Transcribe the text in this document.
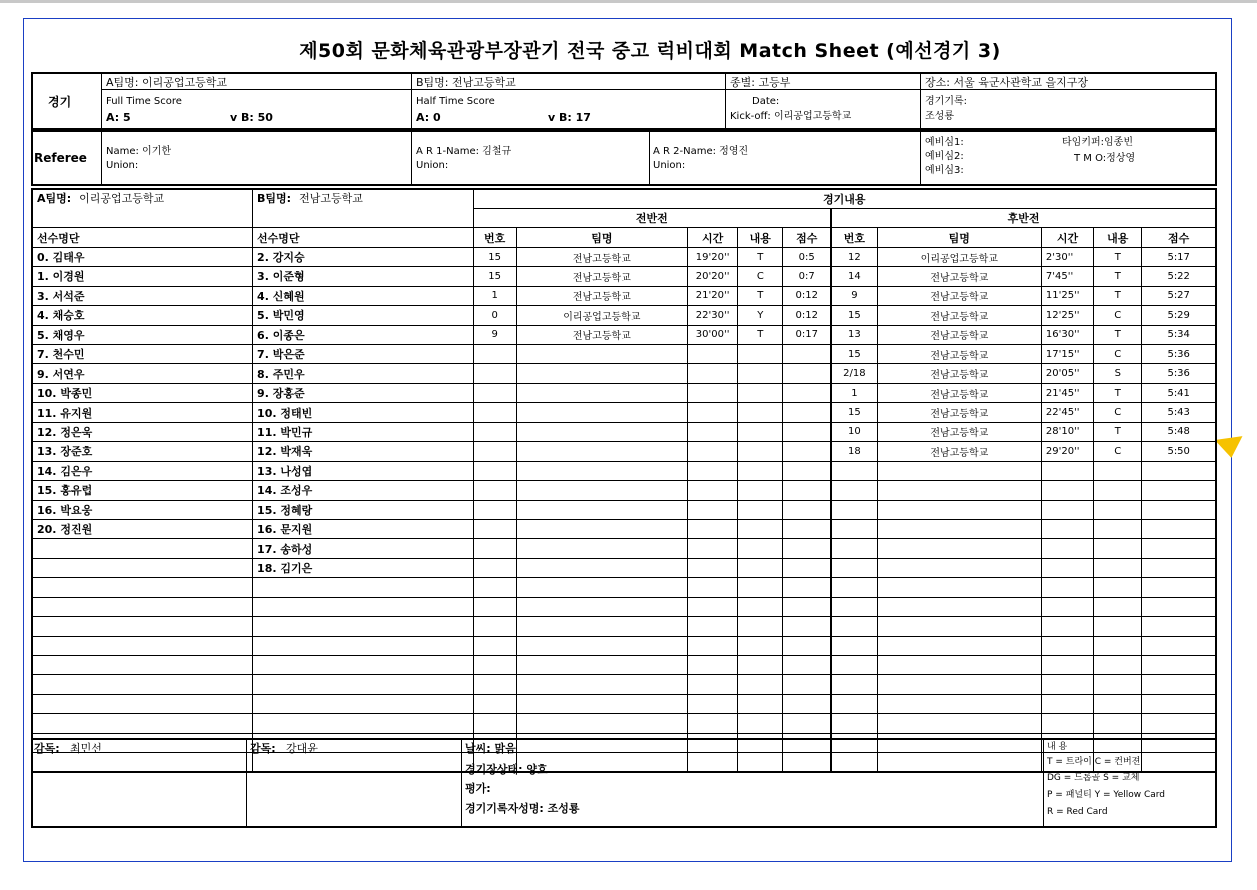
제50회 문화체육관광부장관기 전국 중고 럭비대회 Match Sheet (예선경기 3)
경기
A팀명: 이리공업고등학교	B팀명: 전남고등학교	종별: 고등부	장소: 서울 육군사관학교 을지구장
Full Time Score
A: 5	v B: 50
Half Time Score
A: 0	v B: 17
Date:
Kick-off: 이리공업고등학교
경기기록:
조성룡
Referee Name: 이기한
Union:
A R 1-Name: 김철규
Union:
A R 2-Name: 정영진
Union:
예비심1:
예비심2:
예비심3:
타임키퍼:임종빈
T M O:정상영
A팀명: 이리공업고등학교	B팀명: 전남고등학교	경기내용									
		전반전					후반전				
선수명단	선수명단	번호	팀명	시간	내용	점수	번호	팀명	시간	내용	점수
0. 김태우	2. 강지승	15	전남고등학교	19'20''	T	0:5	12	이리공업고등학교	2'30''	T	5:17
1. 이경원	3. 이준형	15	전남고등학교	20'20''	C	0:7	14	전남고등학교	7'45''	T	5:22
3. 서석준	4. 신혜원	1	전남고등학교	21'20''	T	0:12	9	전남고등학교	11'25''	T	5:27
4. 채승호	5. 박민영	0	이리공업고등학교	22'30''	Y	0:12	15	전남고등학교	12'25''	C	5:29
5. 채영우	6. 이종은	9	전남고등학교	30'00''	T	0:17	13	전남고등학교	16'30''	T	5:34
7. 천수민	7. 박은준						15	전남고등학교	17'15''	C	5:36
9. 서연우	8. 주민우						2/18	전남고등학교	20'05''	S	5:36
10. 박종민	9. 장홍준						1	전남고등학교	21'45''	T	5:41
11. 유지원	10. 정태빈						15	전남고등학교	22'45''	C	5:43
12. 정은욱	11. 박민규						10	전남고등학교	28'10''	T	5:48
13. 장준호	12. 박재욱						18	전남고등학교	29'20''	C	5:50
14. 김은우	13. 나성엽										
15. 홍유럽	14. 조성우										
16. 박요웅	15. 정혜랑										
20. 정진원	16. 문지원										
	17. 송하성										
	18. 김기은										

감독: 최민선	감독: 강대윤	날씨: 맑음
경기장상태: 양호
평가:
경기기록자성명: 조성룡
내 용
T = 트라이 C = 컨버젼
DG = 드롭골 S = 교체
P = 패널티 Y = Yellow Card
R = Red Card
